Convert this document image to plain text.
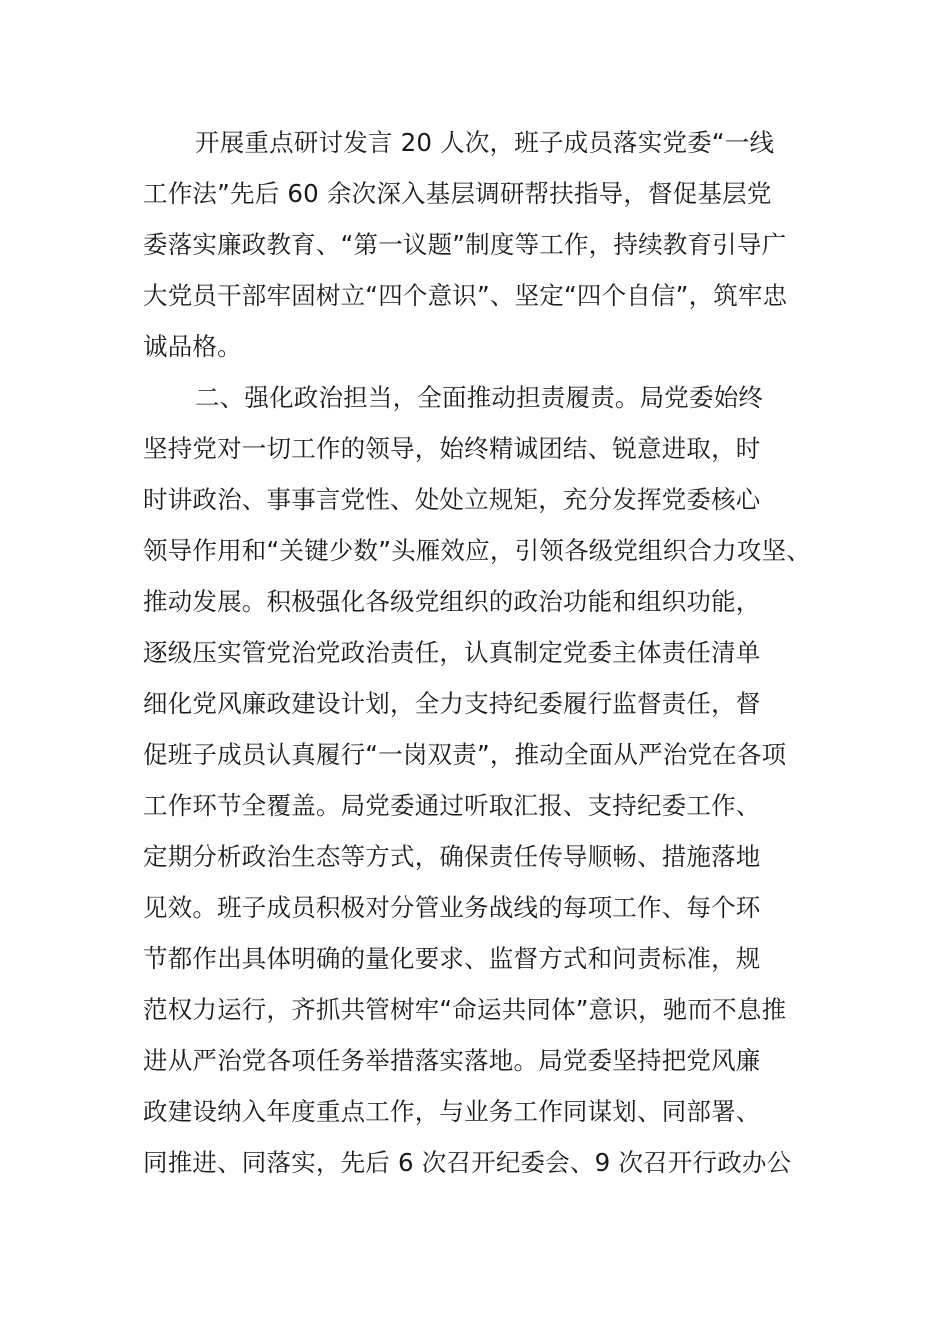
开展重点研讨发言 20 人次，班子成员落实党委“一线
工作法”先后 60 余次深入基层调研帮扶指导，督促基层党
委落实廉政教育、“第一议题”制度等工作，持续教育引导广
大党员干部牢固树立“四个意识”、坚定“四个自信”，筑牢忠
诚品格。
二、强化政治担当，全面推动担责履责。局党委始终
坚持党对一切工作的领导，始终精诚团结、锐意进取，时
时讲政治、事事言党性、处处立规矩，充分发挥党委核心
领导作用和“关键少数”头雁效应，引领各级党组织合力攻坚、
推动发展。积极强化各级党组织的政治功能和组织功能，
逐级压实管党治党政治责任，认真制定党委主体责任清单
细化党风廉政建设计划，全力支持纪委履行监督责任，督
促班子成员认真履行“一岗双责”，推动全面从严治党在各项
工作环节全覆盖。局党委通过听取汇报、支持纪委工作、
定期分析政治生态等方式，确保责任传导顺畅、措施落地
见效。班子成员积极对分管业务战线的每项工作、每个环
节都作出具体明确的量化要求、监督方式和问责标准，规
范权力运行，齐抓共管树牢“命运共同体”意识，驰而不息推
进从严治党各项任务举措落实落地。局党委坚持把党风廉
政建设纳入年度重点工作，与业务工作同谋划、同部署、
同推进、同落实，先后 6 次召开纪委会、9 次召开行政办公
